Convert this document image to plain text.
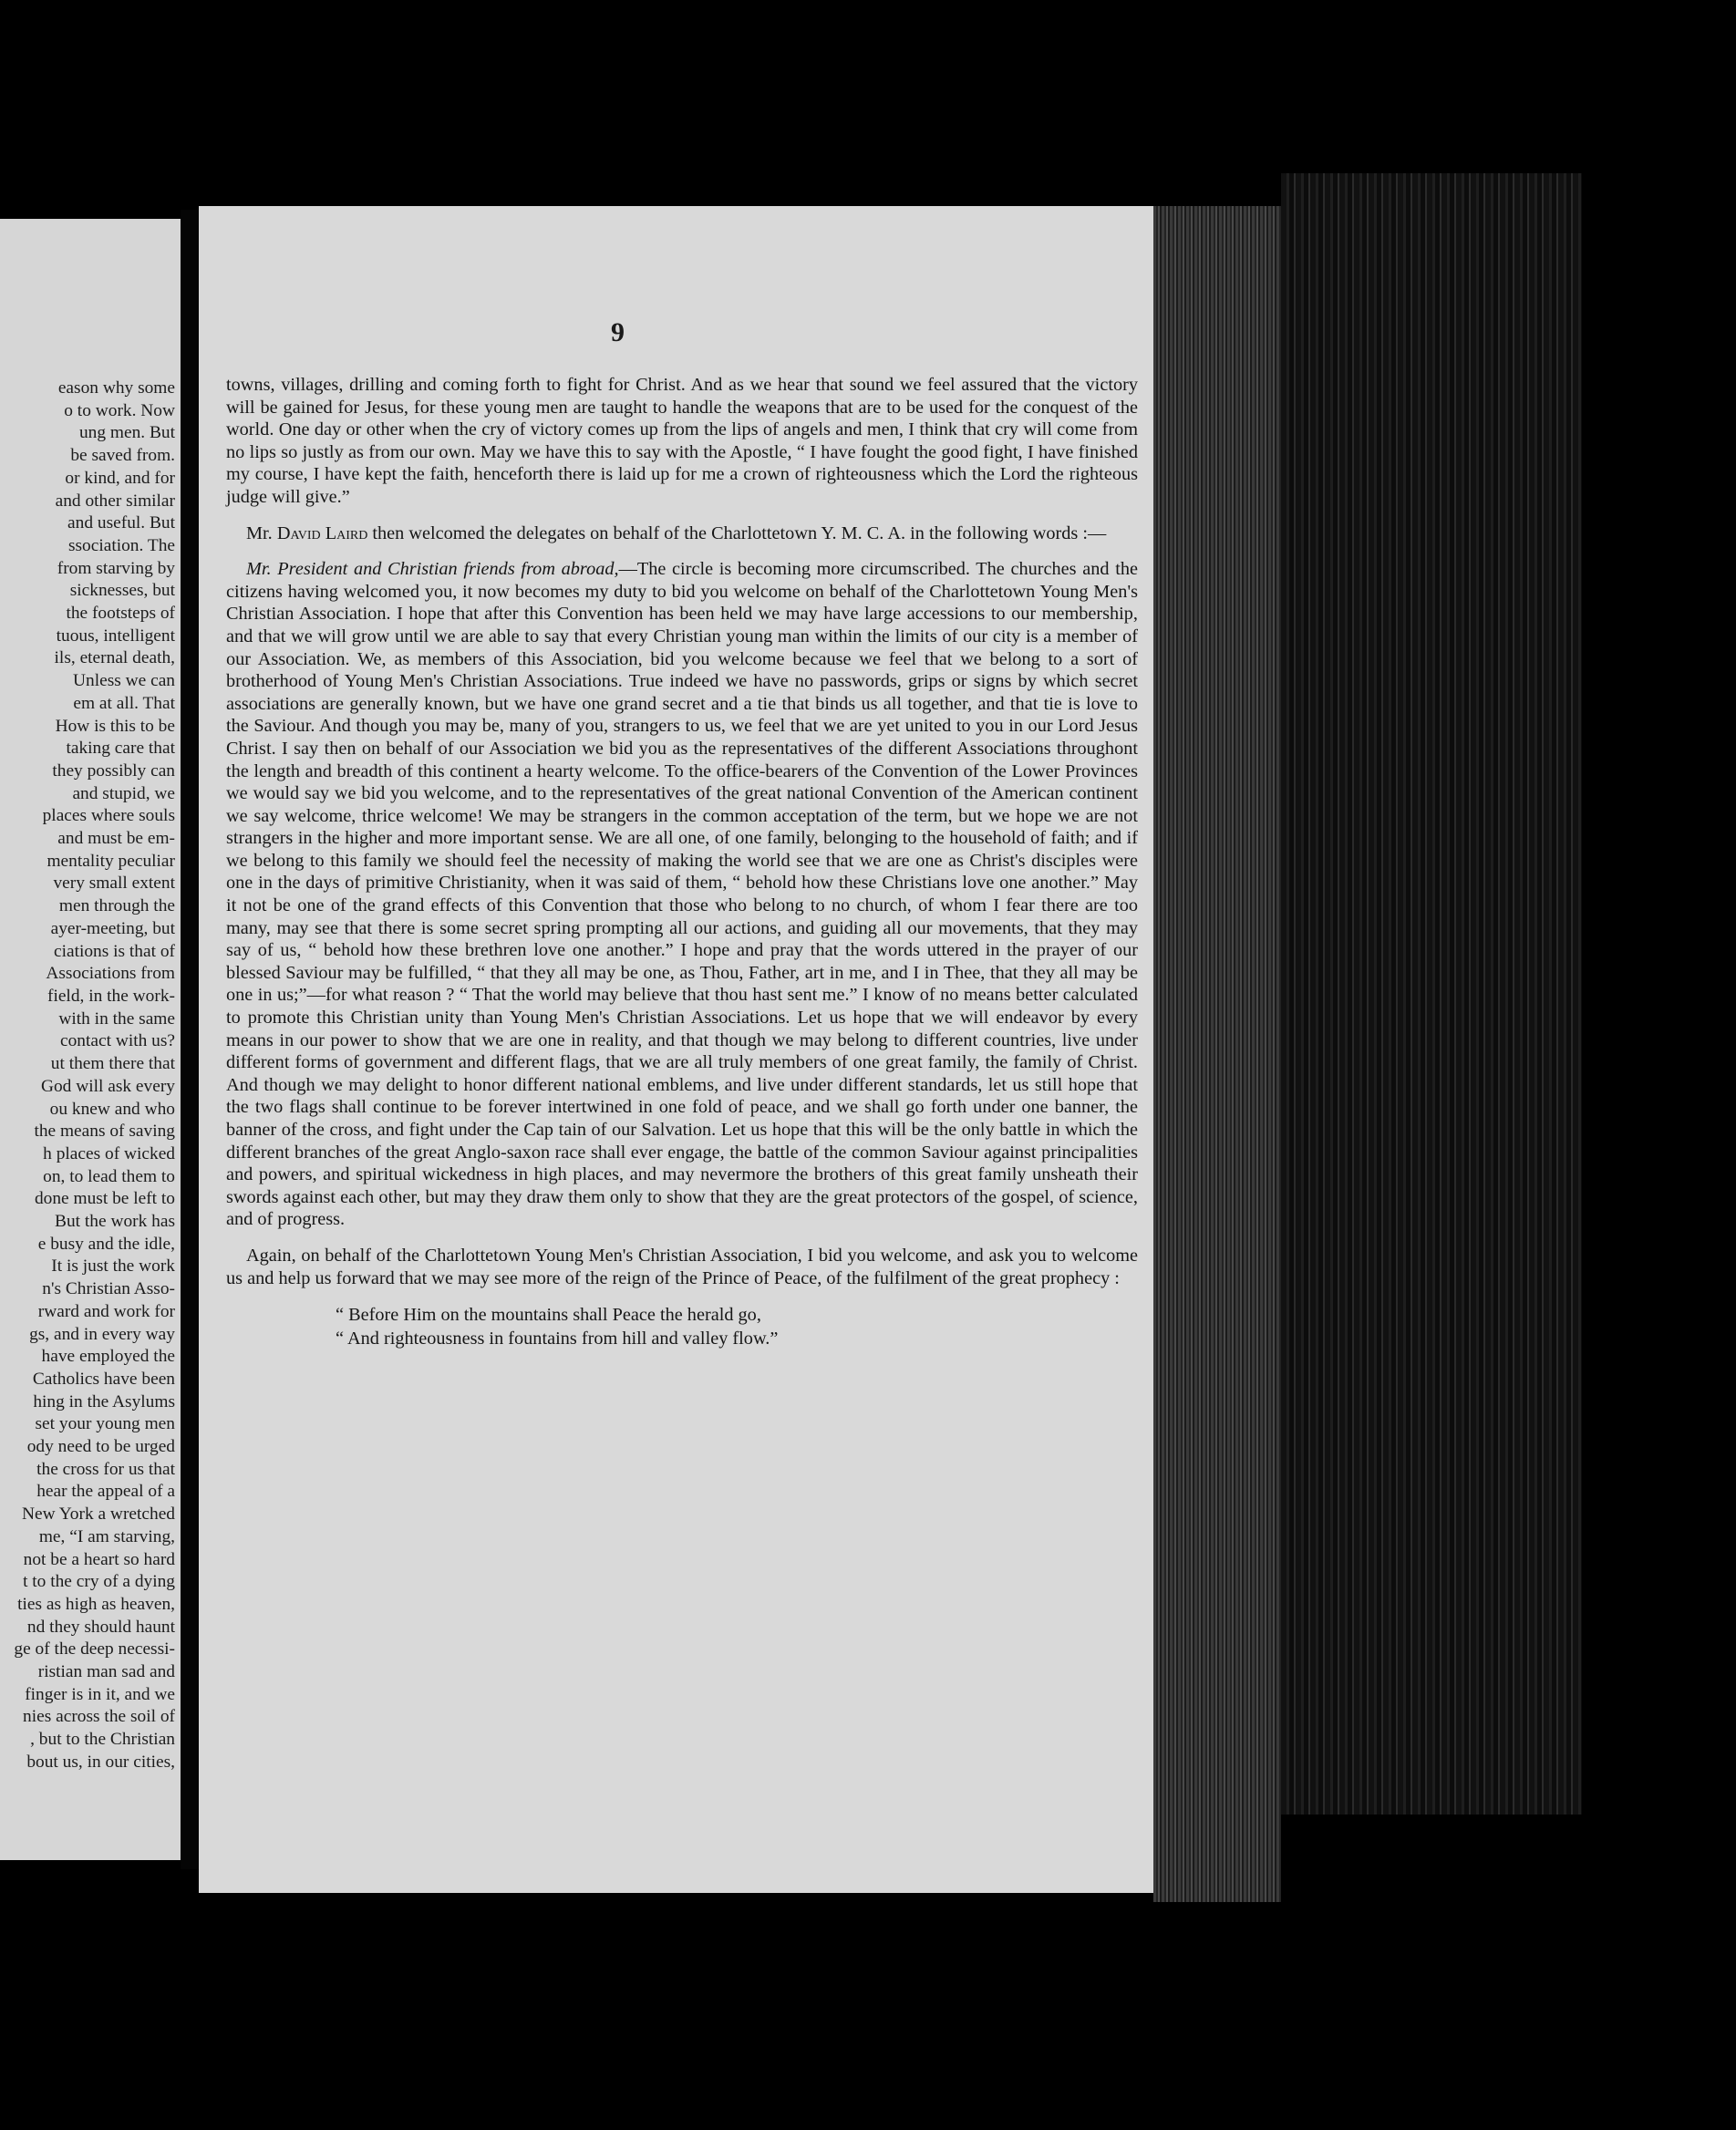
eason why some
o to work. Now
ung men. But
be saved from.
or kind, and for
and other similar
and useful. But
ssociation. The
from starving by
sicknesses, but
the footsteps of
tuous, intelligent
ils, eternal death,
Unless we can
em at all. That
How is this to be
taking care that
they possibly can
and stupid, we
places where souls
and must be em-
mentality peculiar
very small extent
men through the
ayer-meeting, but
ciations is that of
Associations from
field, in the work-
with in the same
contact with us?
ut them there that
God will ask every
ou knew and who
the means of saving
h places of wicked
on, to lead them to
done must be left to
But the work has
e busy and the idle,
It is just the work
n's Christian Asso-
rward and work for
gs, and in every way
have employed the
Catholics have been
hing in the Asylums
set your young men
ody need to be urged
the cross for us that
hear the appeal of a
New York a wretched
me, “I am starving,
not be a heart so hard
t to the cry of a dying
ties as high as heaven,
nd they should haunt
ge of the deep necessi-
ristian man sad and
finger is in it, and we
nies across the soil of
, but to the Christian
bout us, in our cities,
9

towns, villages, drilling and coming forth to fight for Christ. And as we hear that sound we feel assured that the victory will be gained for Jesus, for these young men are taught to handle the weapons that are to be used for the conquest of the world. One day or other when the cry of victory comes up from the lips of angels and men, I think that cry will come from no lips so justly as from our own. May we have this to say with the Apostle, “ I have fought the good fight, I have finished my course, I have kept the faith, henceforth there is laid up for me a crown of righteousness which the Lord the righteous judge will give.”

Mr. David Laird then welcomed the delegates on behalf of the Charlottetown Y. M. C. A. in the following words :—

Mr. President and Christian friends from abroad,—The circle is becoming more circumscribed. The churches and the citizens having welcomed you, it now becomes my duty to bid you welcome on behalf of the Charlottetown Young Men's Christian Association. I hope that after this Convention has been held we may have large accessions to our membership, and that we will grow until we are able to say that every Christian young man within the limits of our city is a member of our Association. We, as members of this Association, bid you welcome because we feel that we belong to a sort of brotherhood of Young Men's Christian Associations. True indeed we have no passwords, grips or signs by which secret associations are generally known, but we have one grand secret and a tie that binds us all together, and that tie is love to the Saviour. And though you may be, many of you, strangers to us, we feel that we are yet united to you in our Lord Jesus Christ. I say then on behalf of our Association we bid you as the representatives of the different Associations throughont the length and breadth of this continent a hearty welcome. To the office-bearers of the Convention of the Lower Provinces we would say we bid you welcome, and to the representatives of the great national Convention of the American continent we say welcome, thrice welcome! We may be strangers in the common acceptation of the term, but we hope we are not strangers in the higher and more important sense. We are all one, of one family, belonging to the household of faith; and if we belong to this family we should feel the necessity of making the world see that we are one as Christ's disciples were one in the days of primitive Christianity, when it was said of them, “ behold how these Christians love one another.” May it not be one of the grand effects of this Convention that those who belong to no church, of whom I fear there are too many, may see that there is some secret spring prompting all our actions, and guiding all our movements, that they may say of us, “ behold how these brethren love one another.” I hope and pray that the words uttered in the prayer of our blessed Saviour may be fulfilled, “ that they all may be one, as Thou, Father, art in me, and I in Thee, that they all may be one in us;”—for what reason ? “ That the world may believe that thou hast sent me.” I know of no means better calculated to promote this Christian unity than Young Men's Christian Associations. Let us hope that we will endeavor by every means in our power to show that we are one in reality, and that though we may belong to different countries, live under different forms of government and different flags, that we are all truly members of one great family, the family of Christ. And though we may delight to honor different national emblems, and live under different standards, let us still hope that the two flags shall continue to be forever intertwined in one fold of peace, and we shall go forth under one banner, the banner of the cross, and fight under the Cap tain of our Salvation. Let us hope that this will be the only battle in which the different branches of the great Anglo-saxon race shall ever engage, the battle of the common Saviour against principalities and powers, and spiritual wickedness in high places, and may nevermore the brothers of this great family unsheath their swords against each other, but may they draw them only to show that they are the great protectors of the gospel, of science, and of progress.

Again, on behalf of the Charlottetown Young Men's Christian Association, I bid you welcome, and ask you to welcome us and help us forward that we may see more of the reign of the Prince of Peace, of the fulfilment of the great prophecy :

“ Before Him on the mountains shall Peace the herald go,
“ And righteousness in fountains from hill and valley flow.”
